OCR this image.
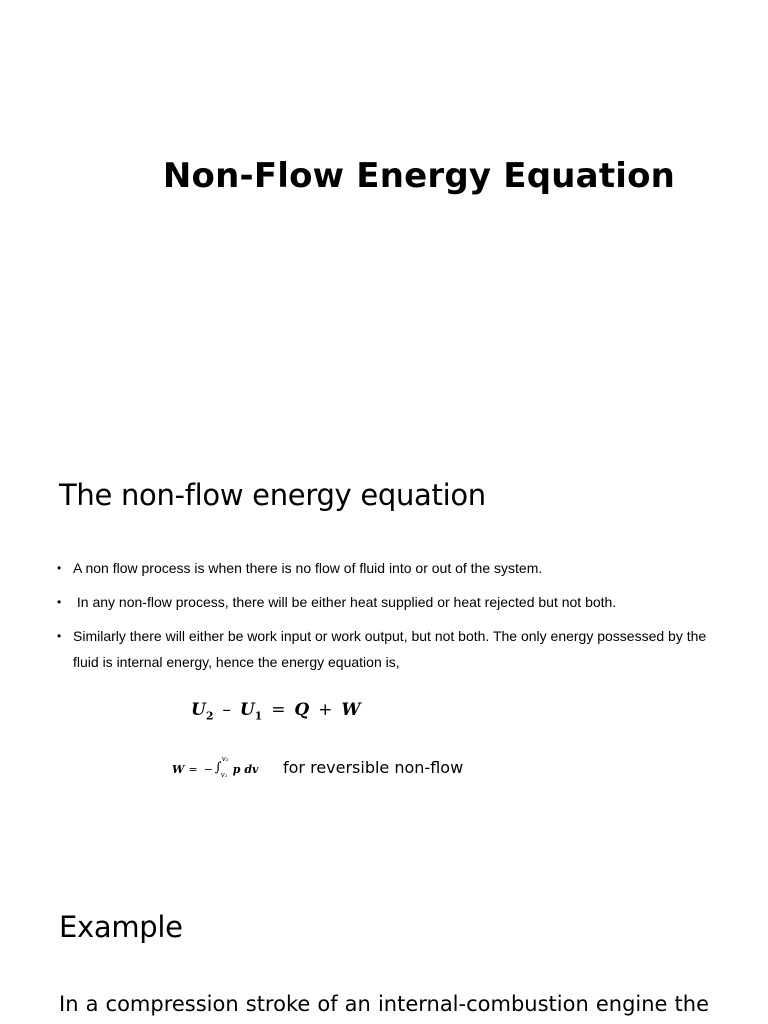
Non-Flow Energy Equation
The non-flow energy equation
• A non flow process is when there is no flow of fluid into or out of the system.
• In any non-flow process, there will be either heat supplied or heat rejected but not both.
• Similarly there will either be work input or work output, but not both. The only energy possessed by the fluid is internal energy, hence the energy equation is,
$U_2 - U_1 = Q + W$
W = − ∫
v₂
v₁ p dv for reversible non-flow
Example
In a compression stroke of an internal-combustion engine the
